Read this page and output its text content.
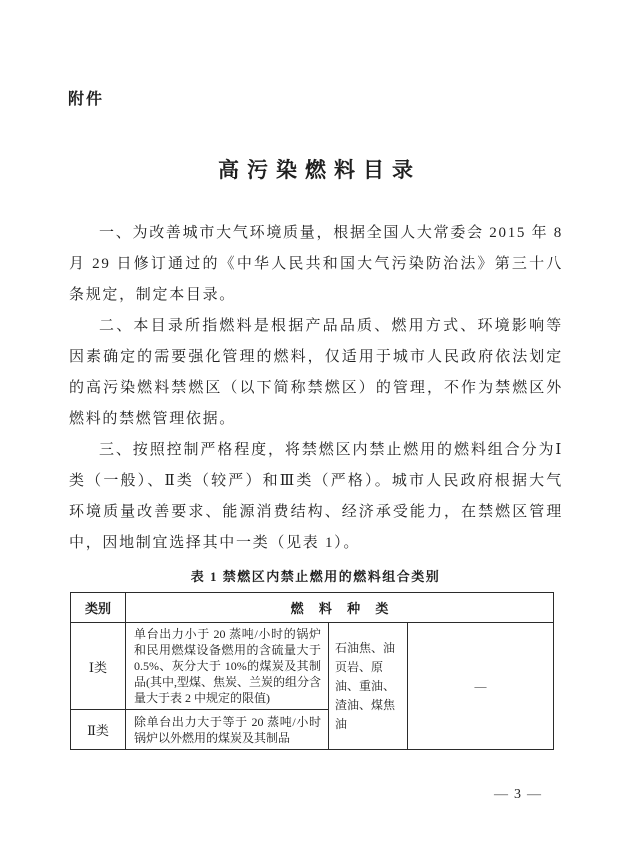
附件
高污染燃料目录

一、为改善城市大气环境质量，根据全国人大常委会 2015 年 8 月 29 日修订通过的《中华人民共和国大气污染防治法》第三十八条规定，制定本目录。

二、本目录所指燃料是根据产品品质、燃用方式、环境影响等因素确定的需要强化管理的燃料，仅适用于城市人民政府依法划定的高污染燃料禁燃区（以下简称禁燃区）的管理，不作为禁燃区外燃料的禁燃管理依据。

三、按照控制严格程度，将禁燃区内禁止燃用的燃料组合分为Ⅰ类（一般）、Ⅱ类（较严）和Ⅲ类（严格）。城市人民政府根据大气环境质量改善要求、能源消费结构、经济承受能力，在禁燃区管理中，因地制宜选择其中一类（见表 1）。

表 1 禁燃区内禁止燃用的燃料组合类别
类别	燃 料 种 类		
Ⅰ类	单台出力小于 20 蒸吨/小时的锅炉和民用燃煤设备燃用的含硫量大于 0.5%、灰分大于 10%的煤炭及其制品(其中,型煤、焦炭、兰炭的组分含量大于表 2 中规定的限值)	石油焦、油页岩、原油、重油、渣油、煤焦油	—
Ⅱ类	除单台出力大于等于 20 蒸吨/小时锅炉以外燃用的煤炭及其制品		
— 3 —
